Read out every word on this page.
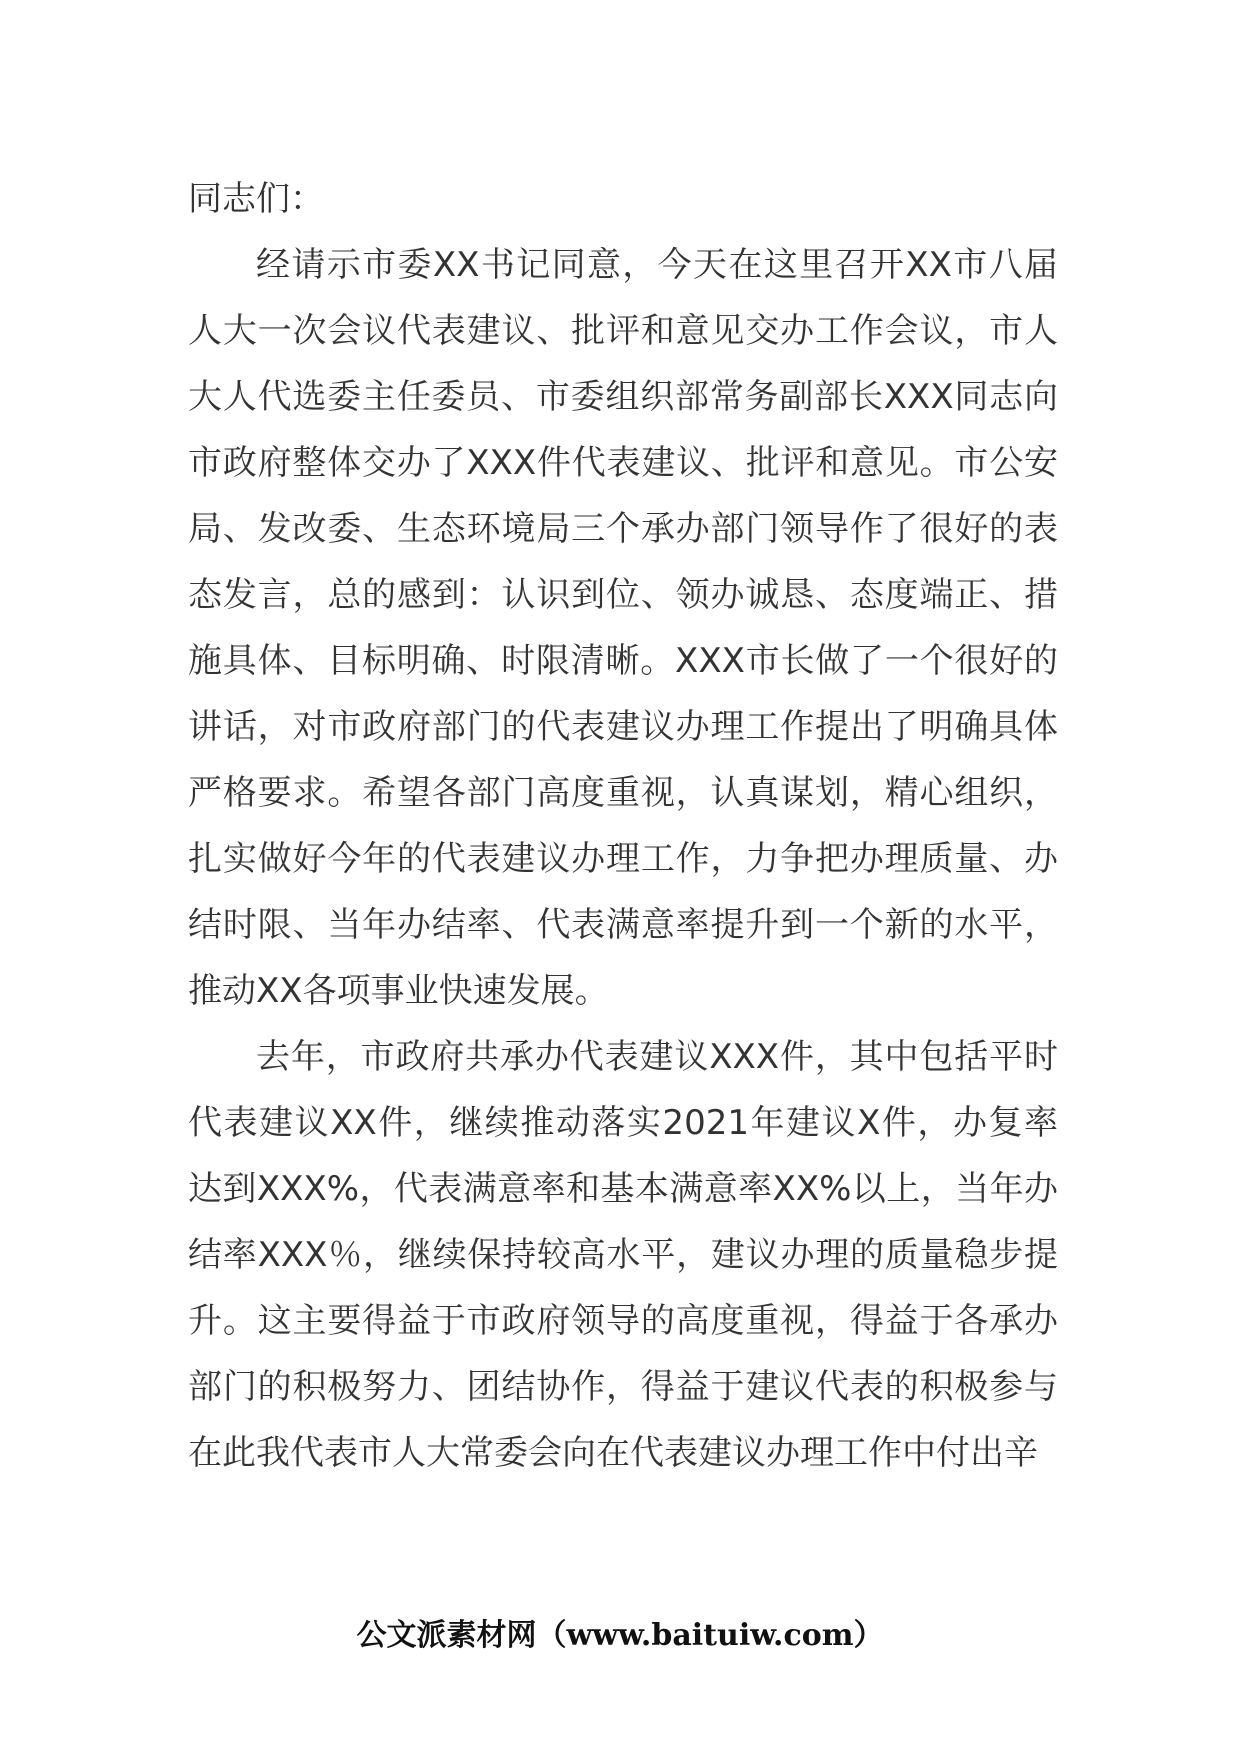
同志们：

经请示市委XX书记同意，今天在这里召开XX市八届人大一次会议代表建议、批评和意见交办工作会议，市人大人代选委主任委员、市委组织部常务副部长XXX同志向市政府整体交办了XXX件代表建议、批评和意见。市公安局、发改委、生态环境局三个承办部门领导作了很好的表态发言，总的感到：认识到位、领办诚恳、态度端正、措施具体、目标明确、时限清晰。XXX市长做了一个很好的讲话，对市政府部门的代表建议办理工作提出了明确具体严格要求。希望各部门高度重视，认真谋划，精心组织，扎实做好今年的代表建议办理工作，力争把办理质量、办结时限、当年办结率、代表满意率提升到一个新的水平，推动XX各项事业快速发展。

去年，市政府共承办代表建议XXX件，其中包括平时代表建议XX件，继续推动落实2021年建议X件，办复率达到XXX%，代表满意率和基本满意率XX%以上，当年办结率XXX％，继续保持较高水平，建议办理的质量稳步提升。这主要得益于市政府领导的高度重视，得益于各承办部门的积极努力、团结协作，得益于建议代表的积极参与在此我代表市人大常委会向在代表建议办理工作中付出辛

公文派素材网（www.baituiw.com）
